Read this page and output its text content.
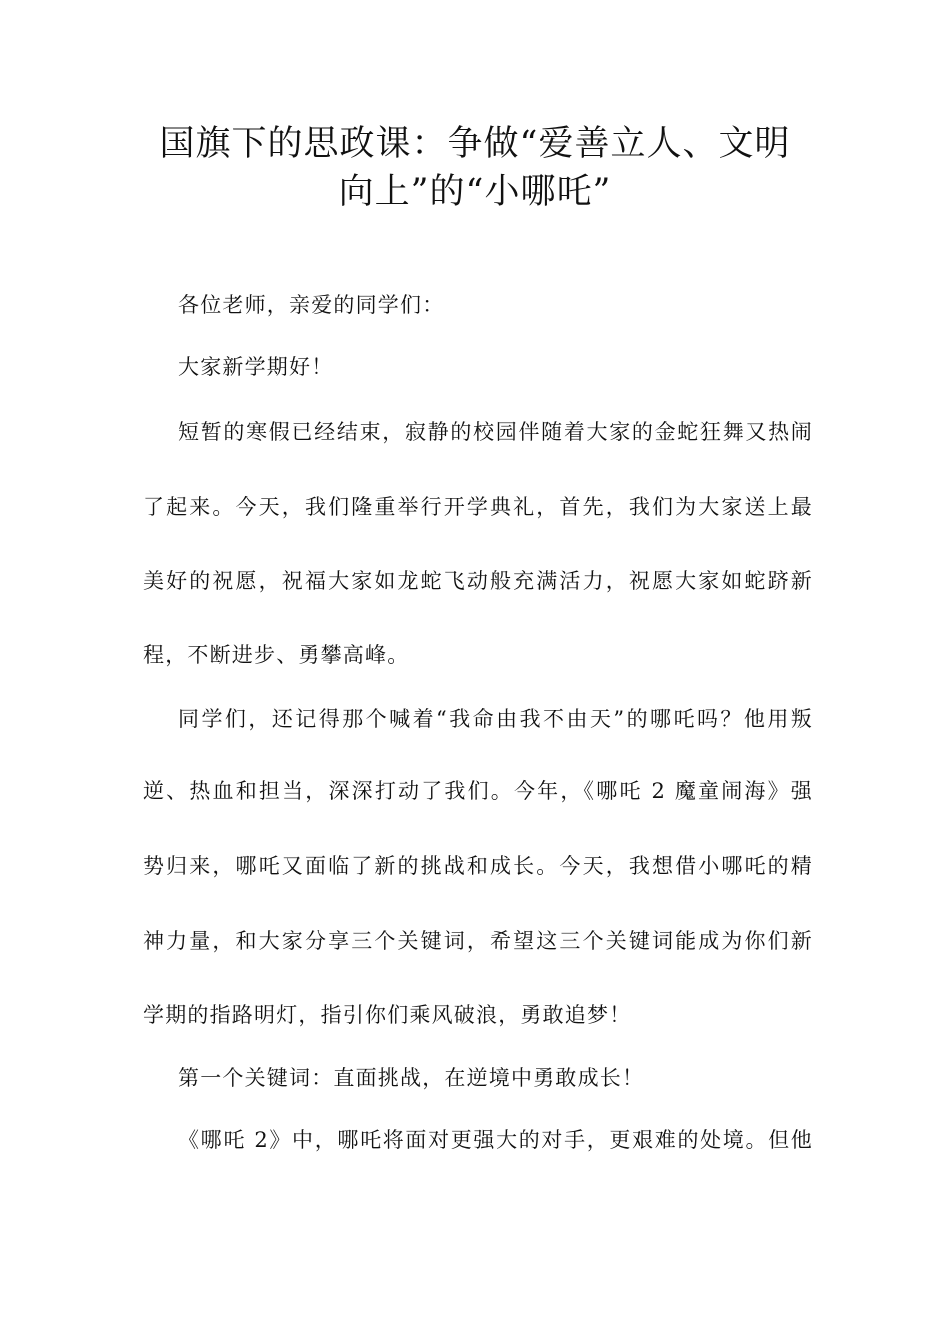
国旗下的思政课：争做“爱善立人、文明
向上”的“小哪吒”

各位老师，亲爱的同学们：

大家新学期好！

短暂的寒假已经结束，寂静的校园伴随着大家的金蛇狂舞又热闹

了起来。今天，我们隆重举行开学典礼，首先，我们为大家送上最

美好的祝愿，祝福大家如龙蛇飞动般充满活力，祝愿大家如蛇跻新

程，不断进步、勇攀高峰。

同学们，还记得那个喊着“我命由我不由天”的哪吒吗？他用叛

逆、热血和担当，深深打动了我们。今年，《哪吒 2 魔童闹海》强

势归来，哪吒又面临了新的挑战和成长。今天，我想借小哪吒的精

神力量，和大家分享三个关键词，希望这三个关键词能成为你们新

学期的指路明灯，指引你们乘风破浪，勇敢追梦！

第一个关键词：直面挑战，在逆境中勇敢成长！

《哪吒 2》中，哪吒将面对更强大的对手，更艰难的处境。但他
